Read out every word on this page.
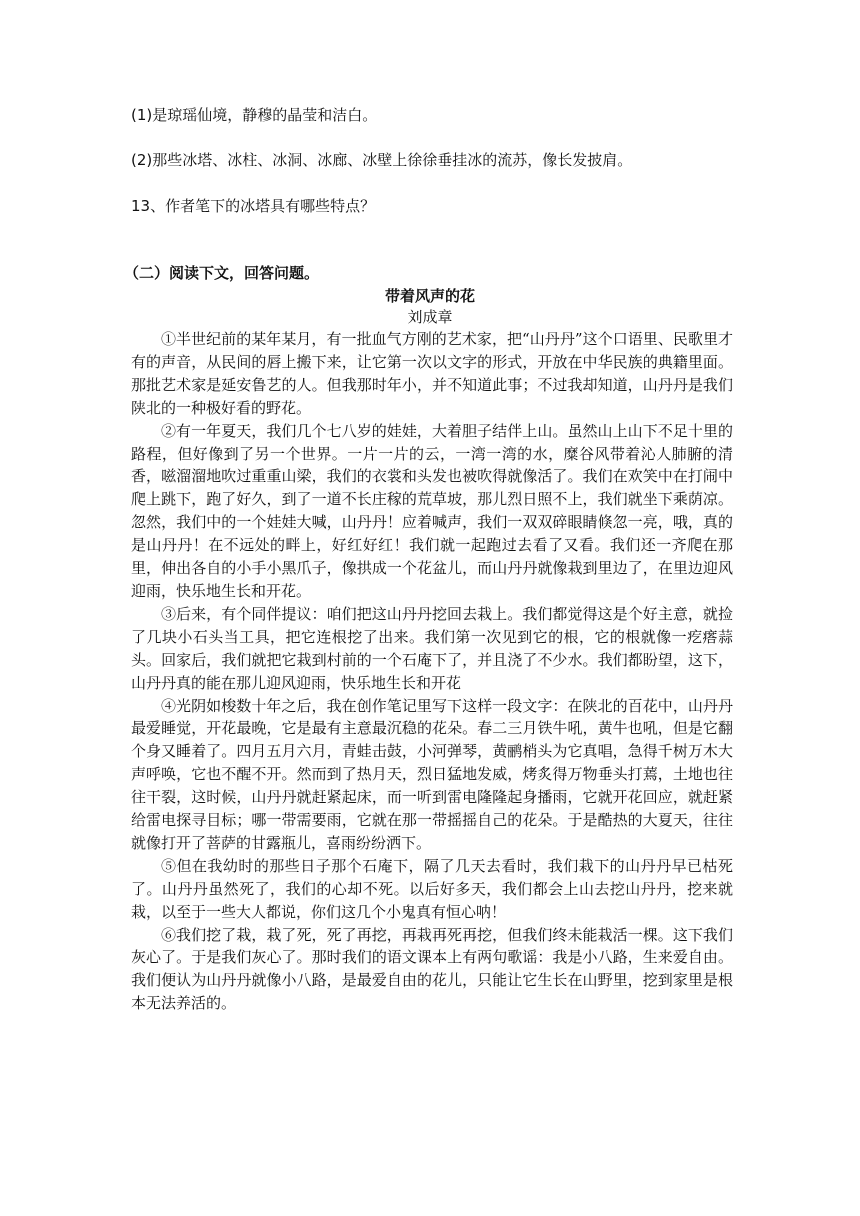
(1)是琼瑶仙境，静穆的晶莹和洁白。
(2)那些冰塔、冰柱、冰洞、冰廊、冰壁上徐徐垂挂冰的流苏，像长发披肩。
13、作者笔下的冰塔具有哪些特点？
（二）阅读下文，回答问题。
带着风声的花
刘成章

①半世纪前的某年某月，有一批血气方刚的艺术家，把“山丹丹”这个口语里、民歌里才有的声音，从民间的唇上搬下来，让它第一次以文字的形式，开放在中华民族的典籍里面。那批艺术家是延安鲁艺的人。但我那时年小，并不知道此事；不过我却知道，山丹丹是我们陕北的一种极好看的野花。

②有一年夏天，我们几个七八岁的娃娃，大着胆子结伴上山。虽然山上山下不足十里的路程，但好像到了另一个世界。一片一片的云，一湾一湾的水，糜谷风带着沁人肺腑的清香，嗞溜溜地吹过重重山梁，我们的衣裳和头发也被吹得就像活了。我们在欢笑中在打闹中爬上跳下，跑了好久，到了一道不长庄稼的荒草坡，那儿烈日照不上，我们就坐下乘荫凉。忽然，我们中的一个娃娃大喊，山丹丹！应着喊声，我们一双双碎眼睛倏忽一亮，哦，真的是山丹丹！在不远处的畔上，好红好红！我们就一起跑过去看了又看。我们还一齐爬在那里，伸出各自的小手小黑爪子，像拱成一个花盆儿，而山丹丹就像栽到里边了，在里边迎风迎雨，快乐地生长和开花。

③后来，有个同伴提议：咱们把这山丹丹挖回去栽上。我们都觉得这是个好主意，就捡了几块小石头当工具，把它连根挖了出来。我们第一次见到它的根，它的根就像一疙瘩蒜头。回家后，我们就把它栽到村前的一个石庵下了，并且浇了不少水。我们都盼望，这下，山丹丹真的能在那儿迎风迎雨，快乐地生长和开花

④光阴如梭数十年之后，我在创作笔记里写下这样一段文字：在陕北的百花中，山丹丹最爱睡觉，开花最晚，它是最有主意最沉稳的花朵。春二三月铁牛吼，黄牛也吼，但是它翻个身又睡着了。四月五月六月，青蛙击鼓，小河弹琴，黄鹂梢头为它真唱，急得千树万木大声呼唤，它也不醒不开。然而到了热月天，烈日猛地发威，烤炙得万物垂头打蔫，土地也往往干裂，这时候，山丹丹就赶紧起床，而一听到雷电隆隆起身播雨，它就开花回应，就赶紧给雷电探寻目标；哪一带需要雨，它就在那一带摇摇自己的花朵。于是酷热的大夏天，往往就像打开了菩萨的甘露瓶儿，喜雨纷纷洒下。

⑤但在我幼时的那些日子那个石庵下，隔了几天去看时，我们栽下的山丹丹早已枯死了。山丹丹虽然死了，我们的心却不死。以后好多天，我们都会上山去挖山丹丹，挖来就栽，以至于一些大人都说，你们这几个小鬼真有恒心呐！

⑥我们挖了栽，栽了死，死了再挖，再栽再死再挖，但我们终未能栽活一棵。这下我们灰心了。于是我们灰心了。那时我们的语文课本上有两句歌谣：我是小八路，生来爱自由。我们便认为山丹丹就像小八路，是最爱自由的花儿，只能让它生长在山野里，挖到家里是根本无法养活的。
